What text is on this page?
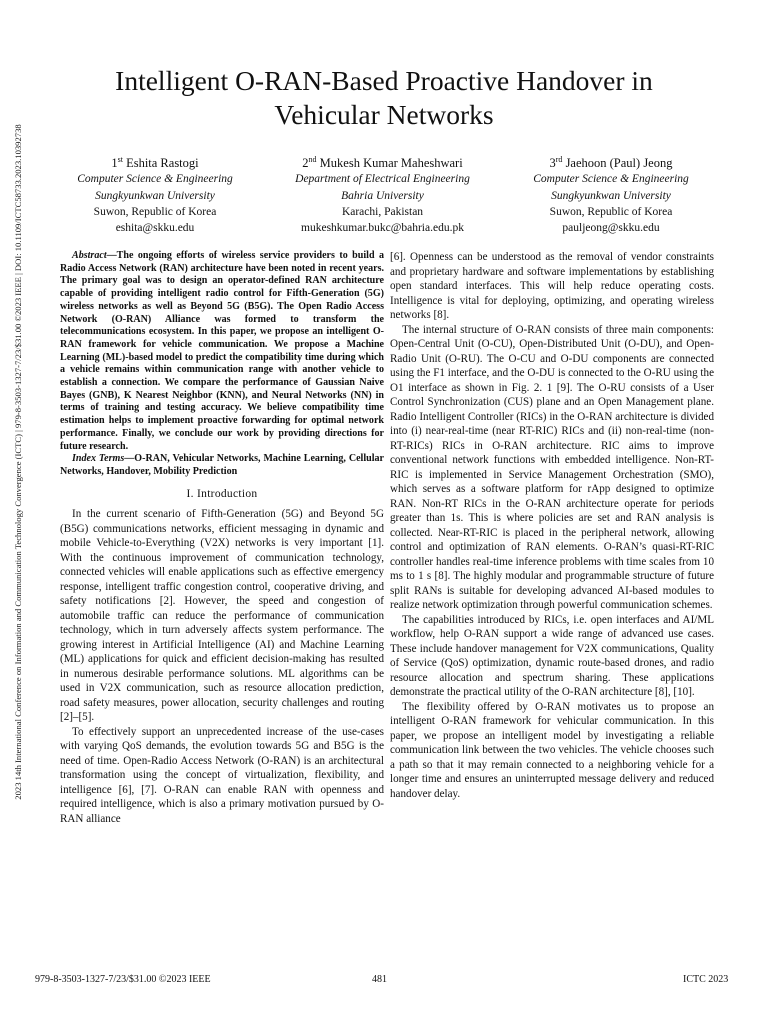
2023 14th International Conference on Information and Communication Technology Convergence (ICTC) | 979-8-3503-1327-7/23/$31.00 ©2023 IEEE | DOI: 10.1109/ICTC58733.2023.10392738
Intelligent O-RAN-Based Proactive Handover in
Vehicular Networks
1st Eshita Rastogi
Computer Science & Engineering
Sungkyunkwan University
Suwon, Republic of Korea
eshita@skku.edu
2nd Mukesh Kumar Maheshwari
Department of Electrical Engineering
Bahria University
Karachi, Pakistan
mukeshkumar.bukc@bahria.edu.pk
3rd Jaehoon (Paul) Jeong
Computer Science & Engineering
Sungkyunkwan University
Suwon, Republic of Korea
pauljeong@skku.edu

Abstract—The ongoing efforts of wireless service providers to build a Radio Access Network (RAN) architecture have been noted in recent years. The primary goal was to design an operator-defined RAN architecture capable of providing intelligent radio control for Fifth-Generation (5G) wireless networks as well as Beyond 5G (B5G). The Open Radio Access Network (O-RAN) Alliance was formed to transform the telecommunications ecosystem. In this paper, we propose an intelligent O-RAN framework for vehicle communication. We propose a Machine Learning (ML)-based model to predict the compatibility time during which a vehicle remains within communication range with another vehicle to establish a connection. We compare the performance of Gaussian Naive Bayes (GNB), K Nearest Neighbor (KNN), and Neural Networks (NN) in terms of training and testing accuracy. We believe compatibility time estimation helps to implement proactive forwarding for optimal network performance. Finally, we conclude our work by providing directions for future research.

Index Terms—O-RAN, Vehicular Networks, Machine Learning, Cellular Networks, Handover, Mobility Prediction

I. Introduction

In the current scenario of Fifth-Generation (5G) and Beyond 5G (B5G) communications networks, efficient messaging in dynamic and mobile Vehicle-to-Everything (V2X) networks is very important [1]. With the continuous improvement of communication technology, connected vehicles will enable applications such as effective emergency response, intelligent traffic congestion control, cooperative driving, and safety notifications [2]. However, the speed and congestion of automobile traffic can reduce the performance of communication technology, which in turn adversely affects system performance. The growing interest in Artificial Intelligence (AI) and Machine Learning (ML) applications for quick and efficient decision-making has resulted in numerous desirable performance solutions. ML algorithms can be used in V2X communication, such as resource allocation prediction, road safety measures, power allocation, security challenges and routing [2]–[5].

To effectively support an unprecedented increase of the use-cases with varying QoS demands, the evolution towards 5G and B5G is the need of time. Open-Radio Access Network (O-RAN) is an architectural transformation using the concept of virtualization, flexibility, and intelligence [6], [7]. O-RAN can enable RAN with openness and required intelligence, which is also a primary motivation pursued by O-RAN alliance

[6]. Openness can be understood as the removal of vendor constraints and proprietary hardware and software implementations by establishing open standard interfaces. This will help reduce operating costs. Intelligence is vital for deploying, optimizing, and operating wireless networks [8].

The internal structure of O-RAN consists of three main components: Open-Central Unit (O-CU), Open-Distributed Unit (O-DU), and Open-Radio Unit (O-RU). The O-CU and O-DU components are connected using the F1 interface, and the O-DU is connected to the O-RU using the O1 interface as shown in Fig. 2. 1 [9]. The O-RU consists of a User Control Synchronization (CUS) plane and an Open Management plane. Radio Intelligent Controller (RICs) in the O-RAN architecture is divided into (i) near-real-time (near RT-RIC) RICs and (ii) non-real-time (non-RT-RICs) RICs in O-RAN architecture. RIC aims to improve conventional network functions with embedded intelligence. Non-RT-RIC is implemented in Service Management Orchestration (SMO), which serves as a software platform for rApp designed to optimize RAN. Non-RT RICs in the O-RAN architecture operate for periods greater than 1s. This is where policies are set and RAN analysis is collected. Near-RT-RIC is placed in the peripheral network, allowing control and optimization of RAN elements. O-RAN’s quasi-RT-RIC controller handles real-time inference problems with time scales from 10 ms to 1 s [8]. The highly modular and programmable structure of future split RANs is suitable for developing advanced AI-based modules to realize network optimization through powerful communication schemes.

The capabilities introduced by RICs, i.e. open interfaces and AI/ML workflow, help O-RAN support a wide range of advanced use cases. These include handover management for V2X communications, Quality of Service (QoS) optimization, dynamic route-based drones, and radio resource allocation and spectrum sharing. These applications demonstrate the practical utility of the O-RAN architecture [8], [10].

The flexibility offered by O-RAN motivates us to propose an intelligent O-RAN framework for vehicular communication. In this paper, we propose an intelligent model by investigating a reliable communication link between the two vehicles. The vehicle chooses such a path so that it may remain connected to a neighboring vehicle for a longer time and ensures an uninterrupted message delivery and reduced handover delay.

979-8-3503-1327-7/23/$31.00 ©2023 IEEE	481	ICTC 2023
